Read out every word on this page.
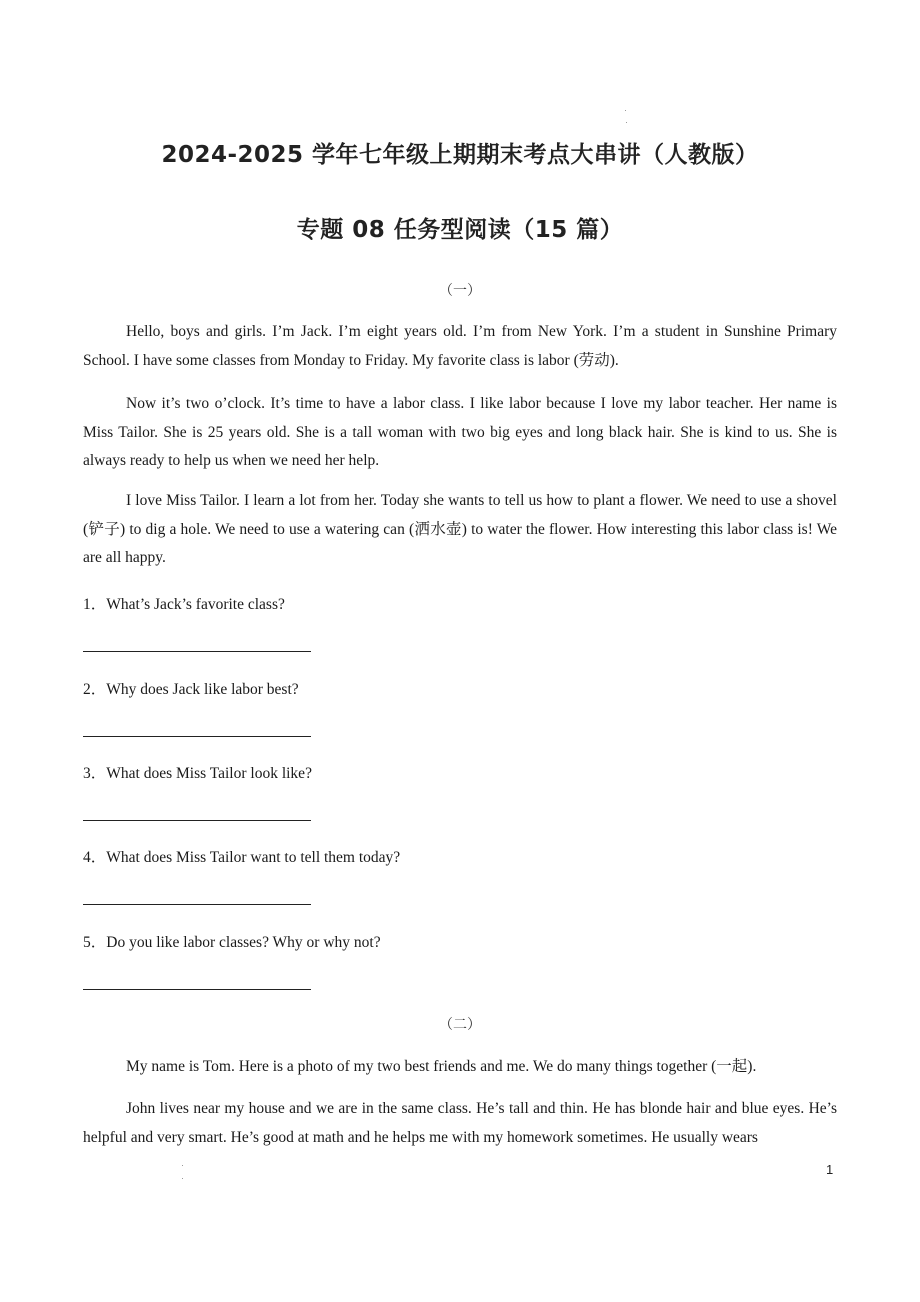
2024-2025 学年七年级上期期末考点大串讲（人教版）
专题 08 任务型阅读（15 篇）
（一）

Hello, boys and girls. I’m Jack. I’m eight years old. I’m from New York. I’m a student in Sunshine Primary School. I have some classes from Monday to Friday. My favorite class is labor (劳动).

Now it’s two o’clock. It’s time to have a labor class. I like labor because I love my labor teacher. Her name is Miss Tailor. She is 25 years old. She is a tall woman with two big eyes and long black hair. She is kind to us. She is always ready to help us when we need her help.

I love Miss Tailor. I learn a lot from her. Today she wants to tell us how to plant a flower. We need to use a shovel (铲子) to dig a hole. We need to use a watering can (洒水壶) to water the flower. How interesting this labor class is! We are all happy.

1．What’s Jack’s favorite class?

2．Why does Jack like labor best?

3．What does Miss Tailor look like?

4．What does Miss Tailor want to tell them today?

5．Do you like labor classes? Why or why not?

（二）

My name is Tom. Here is a photo of my two best friends and me. We do many things together (一起).

John lives near my house and we are in the same class. He’s tall and thin. He has blonde hair and blue eyes. He’s helpful and very smart. He’s good at math and he helps me with my homework sometimes. He usually wears

1
